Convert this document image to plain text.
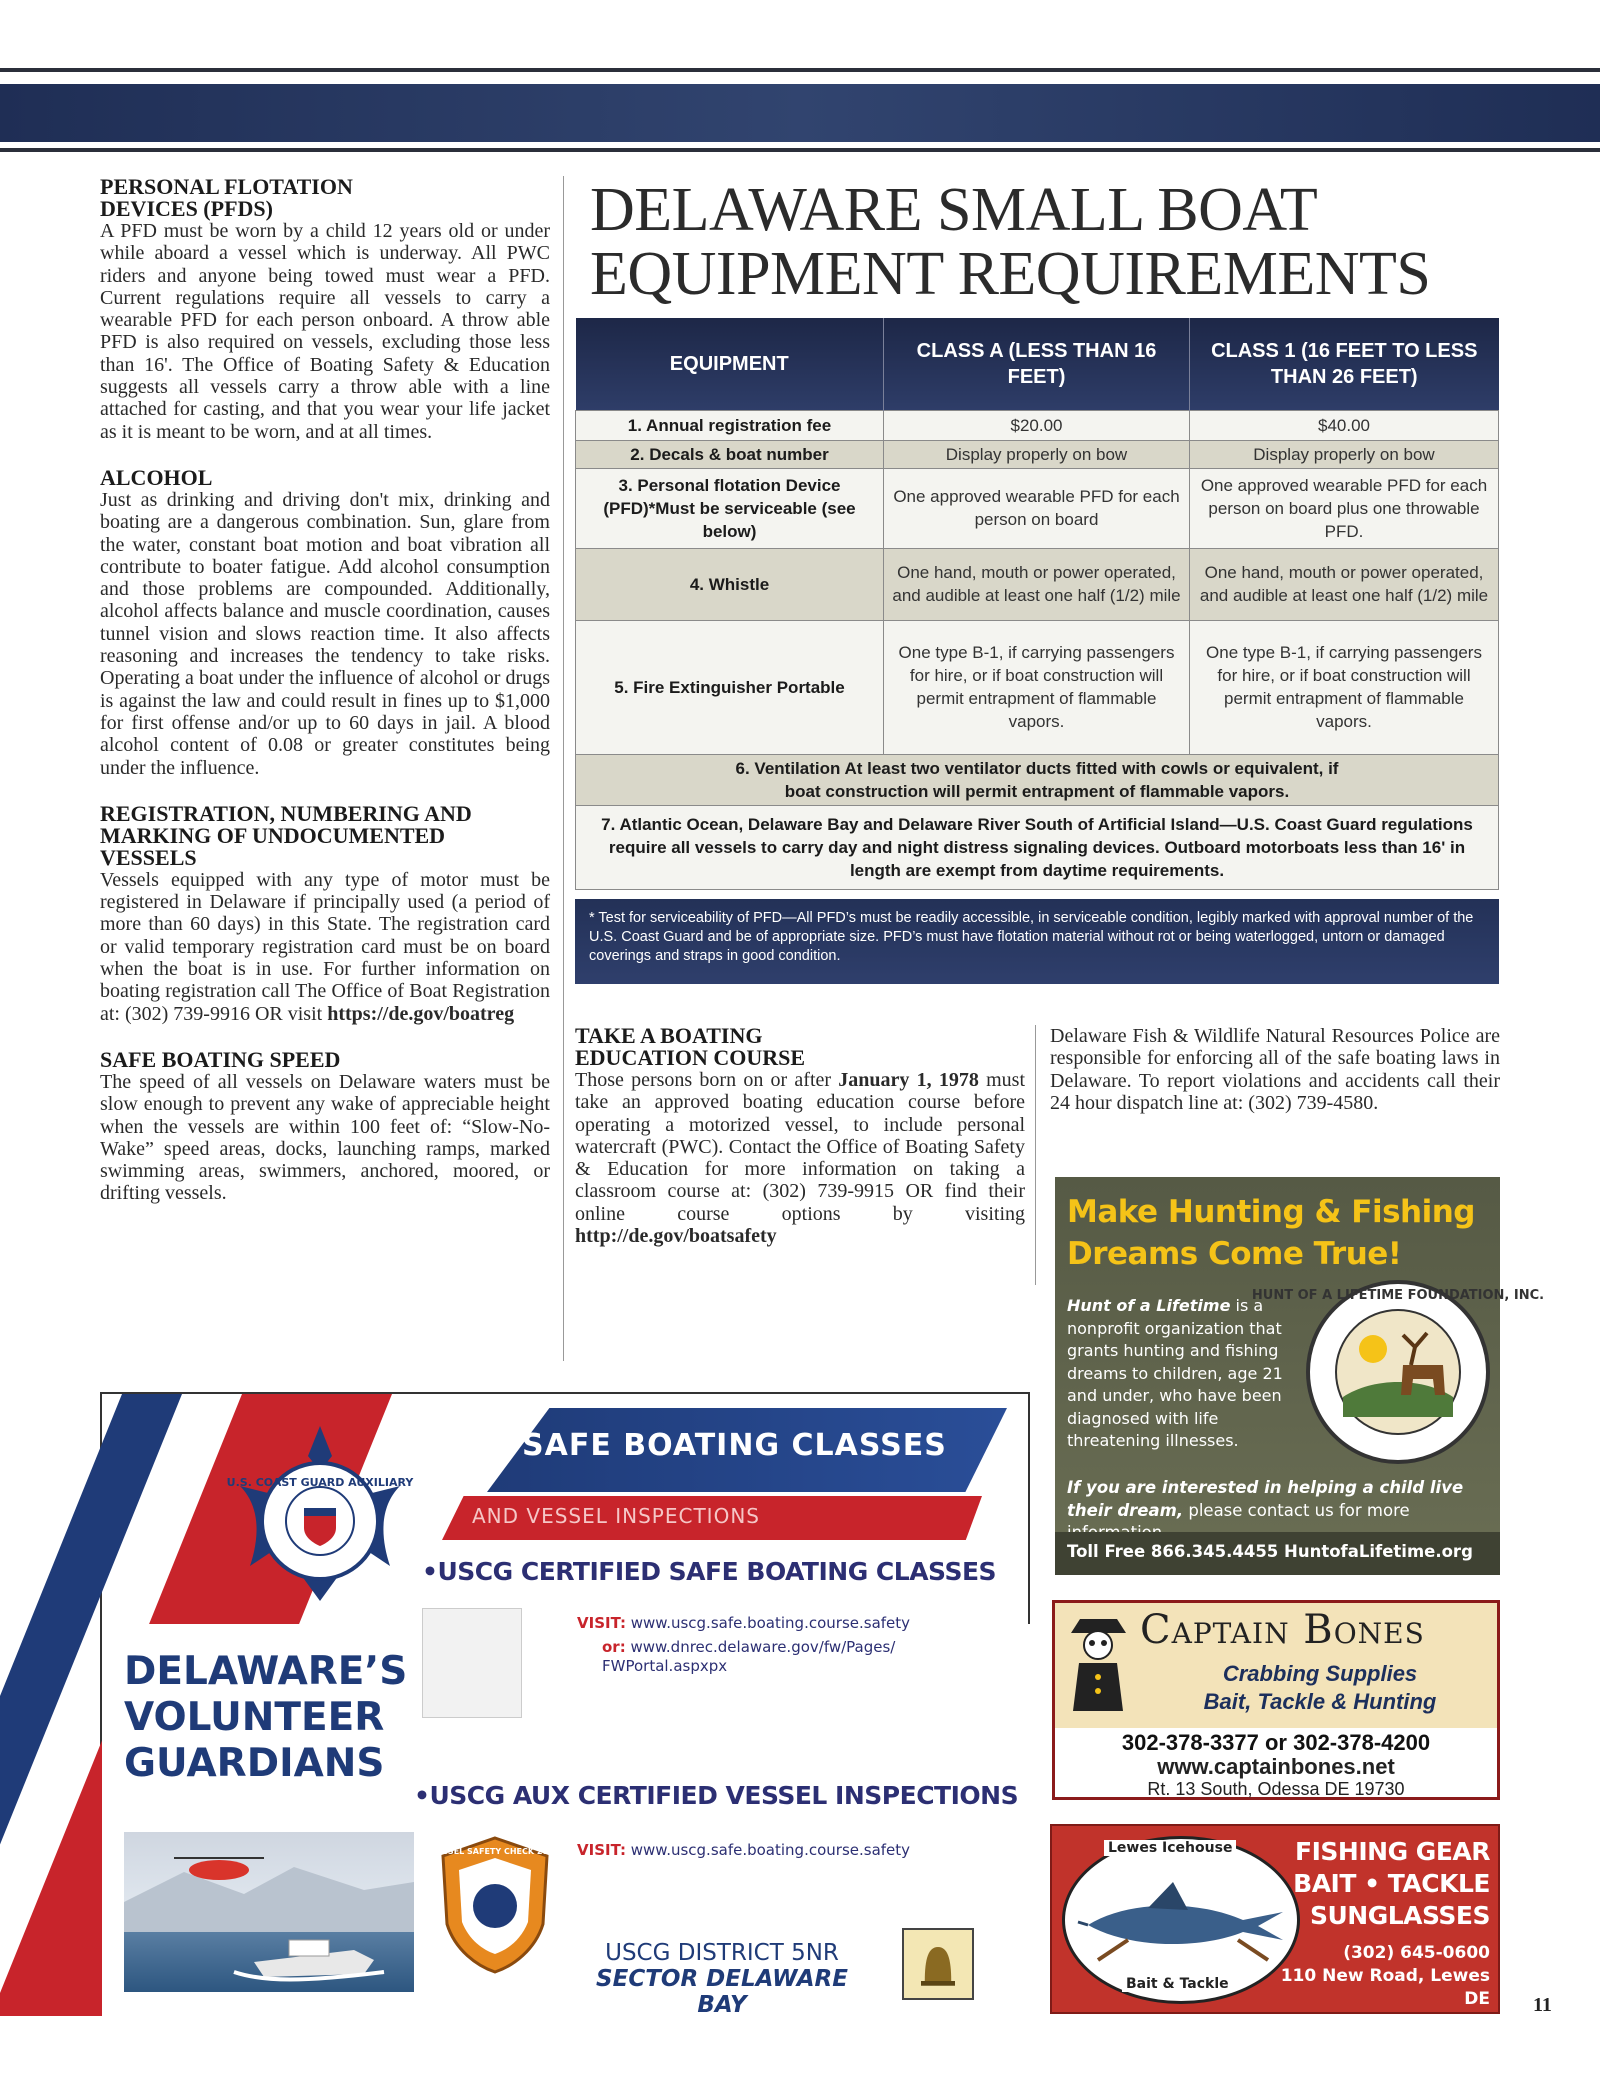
BOATING SAFETY
PERSONAL FLOTATION DEVICES (PFDS)
A PFD must be worn by a child 12 years old or under while aboard a vessel which is underway. All PWC riders and anyone being towed must wear a PFD. Current regulations require all vessels to carry a wearable PFD for each person onboard. A throw able PFD is also required on vessels, excluding those less than 16'. The Office of Boating Safety & Education suggests all vessels carry a throw able with a line attached for casting, and that you wear your life jacket as it is meant to be worn, and at all times.
ALCOHOL
Just as drinking and driving don't mix, drinking and boating are a dangerous combination. Sun, glare from the water, constant boat motion and boat vibration all contribute to boater fatigue. Add alcohol consumption and those problems are compounded. Additionally, alcohol affects balance and muscle coordination, causes tunnel vision and slows reaction time. It also affects reasoning and increases the tendency to take risks. Operating a boat under the influence of alcohol or drugs is against the law and could result in fines up to $1,000 for first offense and/or up to 60 days in jail. A blood alcohol content of 0.08 or greater constitutes being under the influence.
REGISTRATION, NUMBERING AND MARKING OF UNDOCUMENTED VESSELS
Vessels equipped with any type of motor must be registered in Delaware if principally used (a period of more than 60 days) in this State. The registration card or valid temporary registration card must be on board when the boat is in use. For further information on boating registration call The Office of Boat Registration at: (302) 739-9916 OR visit https://de.gov/boatreg
SAFE BOATING SPEED
The speed of all vessels on Delaware waters must be slow enough to prevent any wake of appreciable height when the vessels are within 100 feet of: “Slow-No-Wake” speed areas, docks, launching ramps, marked swimming areas, swimmers, anchored, moored, or drifting vessels.
DELAWARE SMALL BOAT
EQUIPMENT REQUIREMENTS
EQUIPMENT	CLASS A (LESS THAN 16 FEET)	CLASS 1 (16 FEET TO LESS THAN 26 FEET)
1. Annual registration fee	$20.00	$40.00
2. Decals & boat number	Display properly on bow	Display properly on bow
3. Personal flotation Device (PFD)*Must be serviceable (see below)	One approved wearable PFD for each person on board	One approved wearable PFD for each person on board plus one throwable PFD.
4. Whistle	One hand, mouth or power operated, and audible at least one half (1/2) mile	One hand, mouth or power operated, and audible at least one half (1/2) mile
5. Fire Extinguisher Portable	One type B-1, if carrying passengers for hire, or if boat construction will permit entrapment of flammable vapors.	One type B-1, if carrying passengers for hire, or if boat construction will permit entrapment of flammable vapors.
6. Ventilation At least two ventilator ducts fitted with cowls or equivalent, if boat construction will permit entrapment of flammable vapors.		
7. Atlantic Ocean, Delaware Bay and Delaware River South of Artificial Island—U.S. Coast Guard regulations require all vessels to carry day and night distress signaling devices. Outboard motorboats less than 16' in length are exempt from daytime requirements.		
* Test for serviceability of PFD—All PFD’s must be readily accessible, in serviceable condition, legibly marked with approval number of the U.S. Coast Guard and be of appropriate size. PFD’s must have flotation material without rot or being waterlogged, untorn or damaged coverings and straps in good condition.
TAKE A BOATING EDUCATION COURSE
Those persons born on or after January 1, 1978 must take an approved boating education course before operating a motorized vessel, to include personal watercraft (PWC). Contact the Office of Boating Safety & Education for more information on taking a classroom course at: (302) 739-9915 OR find their online course options by visiting http://de.gov/boatsafety
Delaware Fish & Wildlife Natural Resources Police are responsible for enforcing all of the safe boating laws in Delaware. To report violations and accidents call their 24 hour dispatch line at: (302) 739-4580.
U.S. COAST GUARD AUXILIARY
SAFE BOATING CLASSES
AND VESSEL INSPECTIONS
•USCG CERTIFIED SAFE BOATING CLASSES
VISIT: www.uscg.safe.boating.course.safety
or: www.dnrec.delaware.gov/fw/Pages/ FWPortal.aspxpx
DELAWARE’S VOLUNTEER GUARDIANS
•USCG AUX CERTIFIED VESSEL INSPECTIONS
VESSEL SAFETY CHECK 2016 VISIT: www.uscg.safe.boating.course.safety
USCG DISTRICT 5NR
SECTOR DELAWARE BAY
Make Hunting & Fishing Dreams Come True!
Hunt of a Lifetime is a nonprofit organization that grants hunting and fishing dreams to children, age 21 and under, who have been diagnosed with life threatening illnesses.
HUNT OF A LIFETIME FOUNDATION, INC.
If you are interested in helping a child live their dream, please contact us for more
Toll Free 866.345.4455 HuntofaLifetime.org
Captain Bones
Crabbing Supplies
Bait, Tackle & Hunting
302-378-3377 or 302-378-4200
www.captainbones.net
Rt. 13 South, Odessa DE 19730
Lewes Icehouse
Bait & Tackle
FISHING GEAR
BAIT • TACKLE
SUNGLASSES
(302) 645-0600
110 New Road, Lewes DE
lewesicehousebaittackle.com
11
